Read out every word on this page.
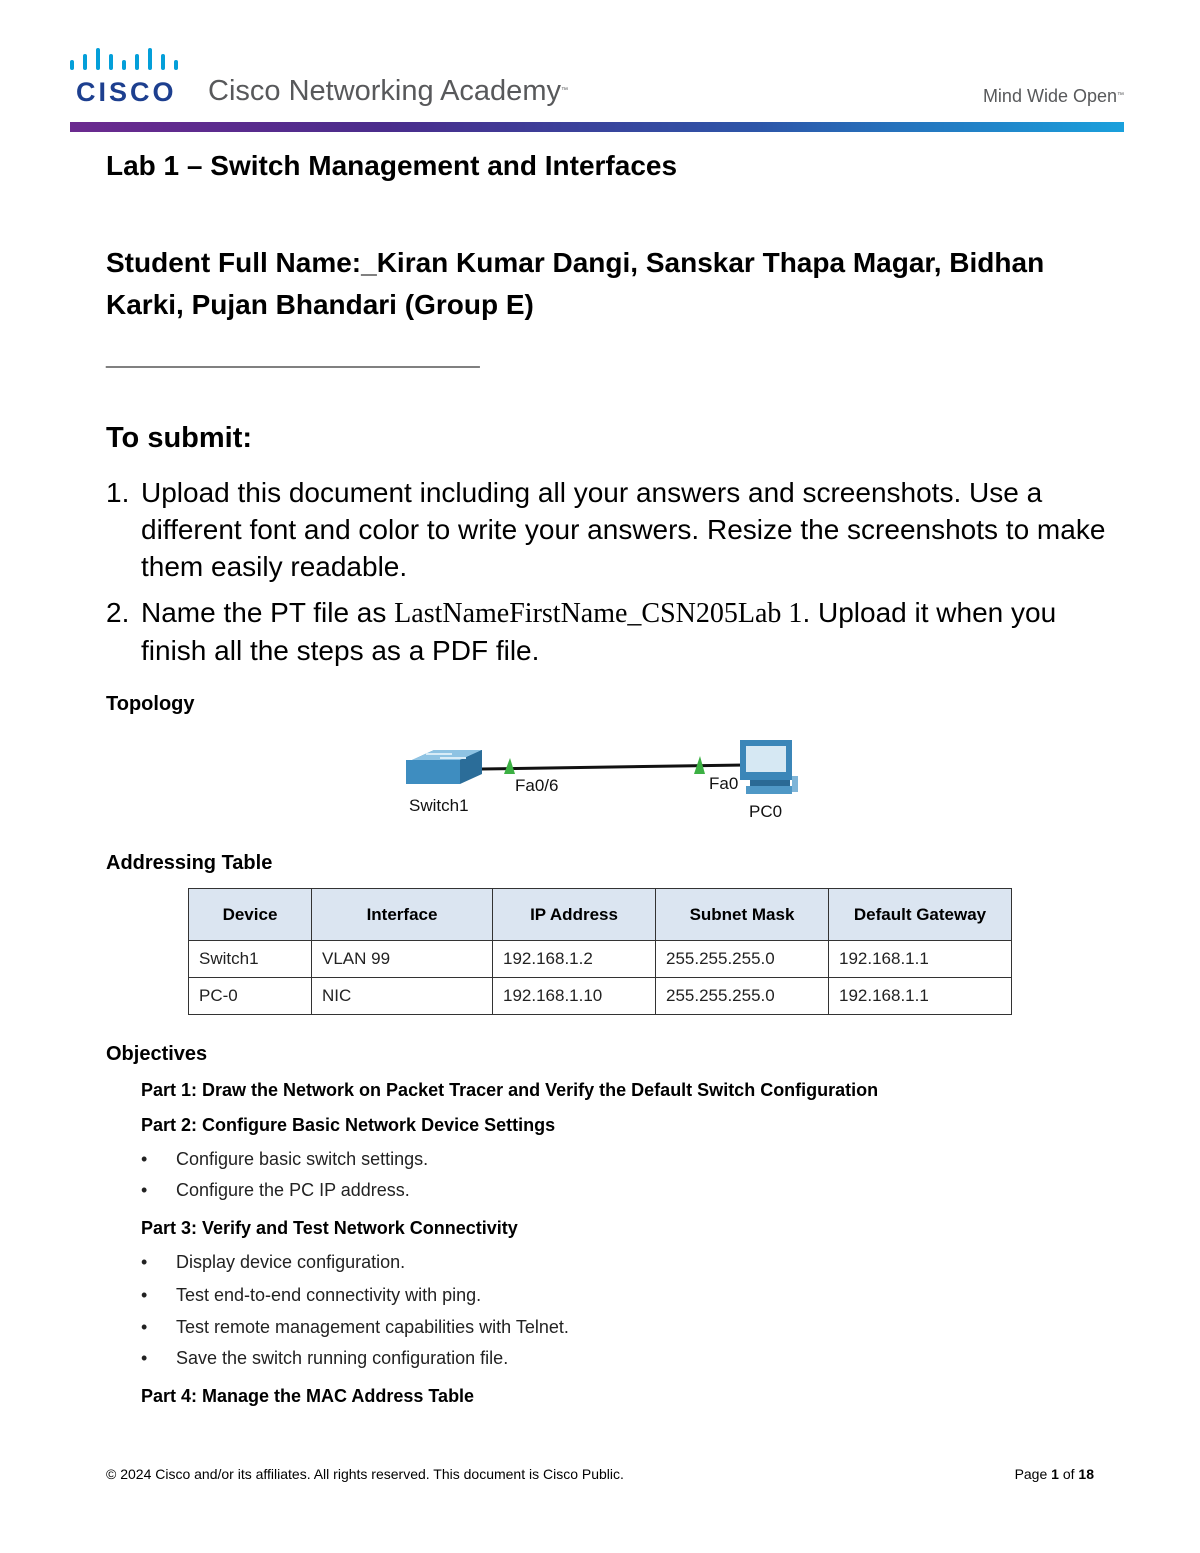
CISCO Cisco Networking Academy™	Mind Wide Open™
Lab 1 – Switch Management and Interfaces
Student Full Name:_Kiran Kumar Dangi, Sanskar Thapa Magar, Bidhan Karki, Pujan Bhandari (Group E)
________________________
To submit:
1. Upload this document including all your answers and screenshots. Use a different font and color to write your answers. Resize the screenshots to make them easily readable.
2. Name the PT file as LastNameFirstName_CSN205Lab 1. Upload it when you finish all the steps as a PDF file.
Topology
Fa0/6	Fa0
Switch1	PC0
Addressing Table
Device	Interface	IP Address	Subnet Mask	Default Gateway
Switch1	VLAN 99	192.168.1.2	255.255.255.0	192.168.1.1
PC-0	NIC	192.168.1.10	255.255.255.0	192.168.1.1
Objectives
Part 1: Draw the Network on Packet Tracer and Verify the Default Switch Configuration
Part 2: Configure Basic Network Device Settings
• Configure basic switch settings.
• Configure the PC IP address.
Part 3: Verify and Test Network Connectivity
• Display device configuration.
• Test end-to-end connectivity with ping.
• Test remote management capabilities with Telnet.
• Save the switch running configuration file.
Part 4: Manage the MAC Address Table
© 2024 Cisco and/or its affiliates. All rights reserved. This document is Cisco Public.	Page 1 of 18
